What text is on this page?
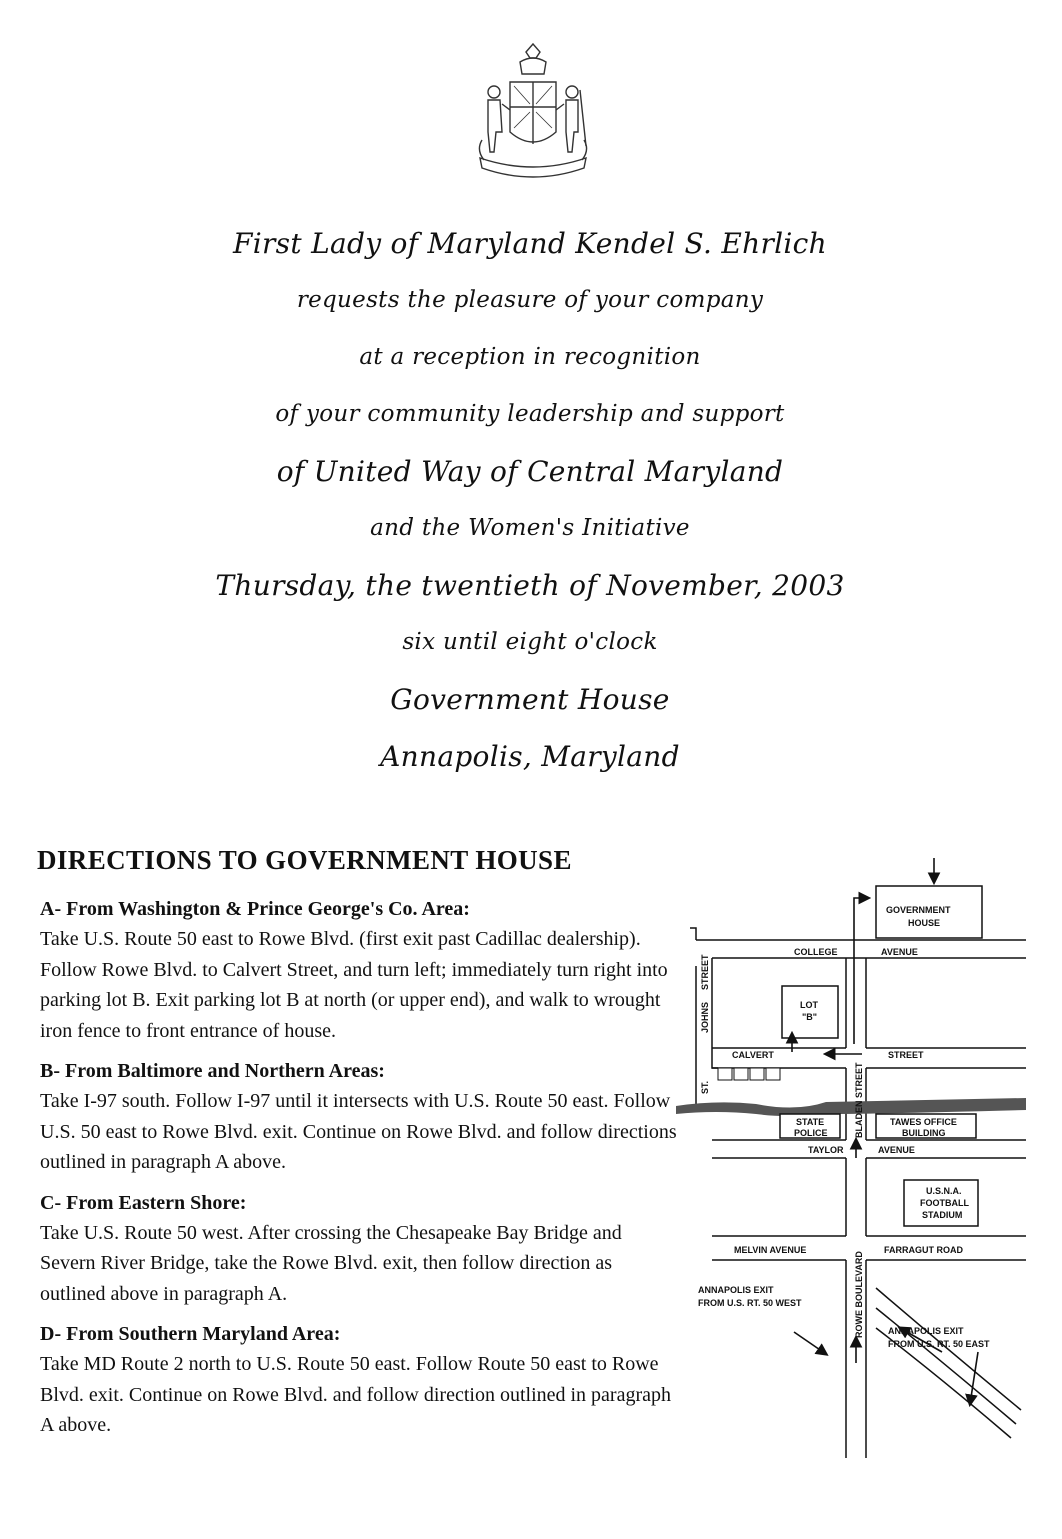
First Lady of Maryland Kendel S. Ehrlich
requests the pleasure of your company
at a reception in recognition
of your community leadership and support
of United Way of Central Maryland
and the Women's Initiative
Thursday, the twentieth of November, 2003
six until eight o'clock
Government House
Annapolis, Maryland
DIRECTIONS TO GOVERNMENT HOUSE
A- From Washington & Prince George's Co. Area:
Take U.S. Route 50 east to Rowe Blvd. (first exit past Cadillac dealership). Follow Rowe Blvd. to Calvert Street, and turn left; immediately turn right into parking lot B. Exit parking lot B at north (or upper end), and walk to wrought iron fence to front entrance of house.
B- From Baltimore and Northern Areas:
Take I-97 south. Follow I-97 until it intersects with U.S. Route 50 east. Follow U.S. 50 east to Rowe Blvd. exit. Continue on Rowe Blvd. and follow directions outlined in paragraph A above.
C- From Eastern Shore:
Take U.S. Route 50 west. After crossing the Chesapeake Bay Bridge and Severn River Bridge, take the Rowe Blvd. exit, then follow direction as outlined above in paragraph A.
D- From Southern Maryland Area:
Take MD Route 2 north to U.S. Route 50 east. Follow Route 50 east to Rowe Blvd. exit. Continue on Rowe Blvd. and follow direction outlined in paragraph A above.
GOVERNMENT
HOUSE
COLLEGE	AVENUE
STREET
JOHNS
ST.
LOT
"B"
CALVERT	STREET
BLADEN STREET
STATE
POLICE
TAWES OFFICE
BUILDING
TAYLOR	AVENUE
U.S.N.A.
FOOTBALL
STADIUM
MELVIN AVENUE	FARRAGUT ROAD
ROWE BOULEVARD
ANNAPOLIS EXIT
FROM U.S. RT. 50 WEST
ANNAPOLIS EXIT
FROM U.S. RT. 50 EAST
